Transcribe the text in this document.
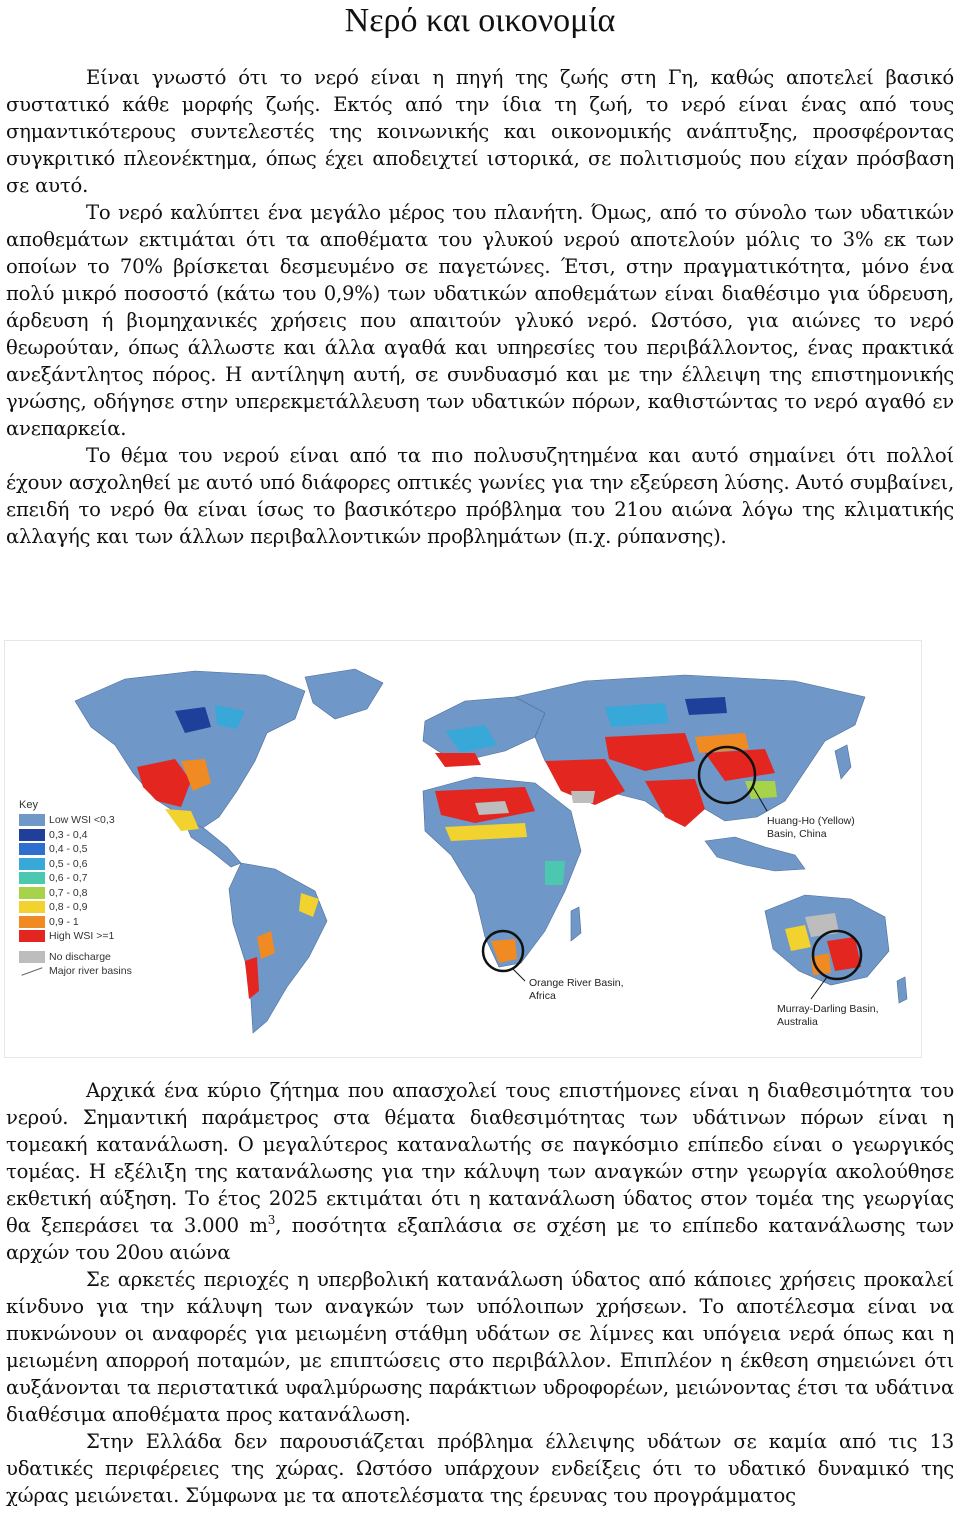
Νερό και οικονομία

Είναι γνωστό ότι το νερό είναι η πηγή της ζωής στη Γη, καθώς αποτελεί βασικό συστατικό κάθε μορφής ζωής. Εκτός από την ίδια τη ζωή, το νερό είναι ένας από τους σημαντικότερους συντελεστές της κοινωνικής και οικονομικής ανάπτυξης, προσφέροντας συγκριτικό πλεονέκτημα, όπως έχει αποδειχτεί ιστορικά, σε πολιτισμούς που είχαν πρόσβαση σε αυτό.

Το νερό καλύπτει ένα μεγάλο μέρος του πλανήτη. Όμως, από το σύνολο των υδατικών αποθεμάτων εκτιμάται ότι τα αποθέματα του γλυκού νερού αποτελούν μόλις το 3% εκ των οποίων το 70% βρίσκεται δεσμευμένο σε παγετώνες. Έτσι, στην πραγματικότητα, μόνο ένα πολύ μικρό ποσοστό (κάτω του 0,9%) των υδατικών αποθεμάτων είναι διαθέσιμο για ύδρευση, άρδευση ή βιομηχανικές χρήσεις που απαιτούν γλυκό νερό. Ωστόσο, για αιώνες το νερό θεωρούταν, όπως άλλωστε και άλλα αγαθά και υπηρεσίες του περιβάλλοντος, ένας πρακτικά ανεξάντλητος πόρος. Η αντίληψη αυτή, σε συνδυασμό και με την έλλειψη της επιστημονικής γνώσης, οδήγησε στην υπερεκμετάλλευση των υδατικών πόρων, καθιστώντας το νερό αγαθό εν ανεπαρκεία.

Το θέμα του νερού είναι από τα πιο πολυσυζητημένα και αυτό σημαίνει ότι πολλοί έχουν ασχοληθεί με αυτό υπό διάφορες οπτικές γωνίες για την εξεύρεση λύσης. Αυτό συμβαίνει, επειδή το νερό θα είναι ίσως το βασικότερο πρόβλημα του 21ου αιώνα λόγω της κλιματικής αλλαγής και των άλλων περιβαλλοντικών προβλημάτων (π.χ. ρύπανσης).

Key
Low WSI <0,3
0,3 - 0,4
0,4 - 0,5
0,5 - 0,6
0,6 - 0,7
0,7 - 0,8
0,8 - 0,9
0,9 - 1
High WSI >=1
No discharge
Major river basins
Huang-Ho (Yellow)
Basin, China
Orange River Basin,
Africa
Murray-Darling Basin,
Australia

Αρχικά ένα κύριο ζήτημα που απασχολεί τους επιστήμονες είναι η διαθεσιμότητα του νερού. Σημαντική παράμετρος στα θέματα διαθεσιμότητας των υδάτινων πόρων είναι η τομεακή κατανάλωση. Ο μεγαλύτερος καταναλωτής σε παγκόσμιο επίπεδο είναι ο γεωργικός τομέας. Η εξέλιξη της κατανάλωσης για την κάλυψη των αναγκών στην γεωργία ακολούθησε εκθετική αύξηση. Το έτος 2025 εκτιμάται ότι η κατανάλωση ύδατος στον τομέα της γεωργίας θα ξεπεράσει τα 3.000 $m^3$, ποσότητα εξαπλάσια σε σχέση με το επίπεδο κατανάλωσης των αρχών του 20ου αιώνα

Σε αρκετές περιοχές η υπερβολική κατανάλωση ύδατος από κάποιες χρήσεις προκαλεί κίνδυνο για την κάλυψη των αναγκών των υπόλοιπων χρήσεων. Το αποτέλεσμα είναι να πυκνώνουν οι αναφορές για μειωμένη στάθμη υδάτων σε λίμνες και υπόγεια νερά όπως και η μειωμένη απορροή ποταμών, με επιπτώσεις στο περιβάλλον. Επιπλέον η έκθεση σημειώνει ότι αυξάνονται τα περιστατικά υφαλμύρωσης παράκτιων υδροφορέων, μειώνοντας έτσι τα υδάτινα διαθέσιμα αποθέματα προς κατανάλωση.

Στην Ελλάδα δεν παρουσιάζεται πρόβλημα έλλειψης υδάτων σε καμία από τις 13 υδατικές περιφέρειες της χώρας. Ωστόσο υπάρχουν ενδείξεις ότι το υδατικό δυναμικό της χώρας μειώνεται. Σύμφωνα με τα αποτελέσματα της έρευνας του προγράμματος
